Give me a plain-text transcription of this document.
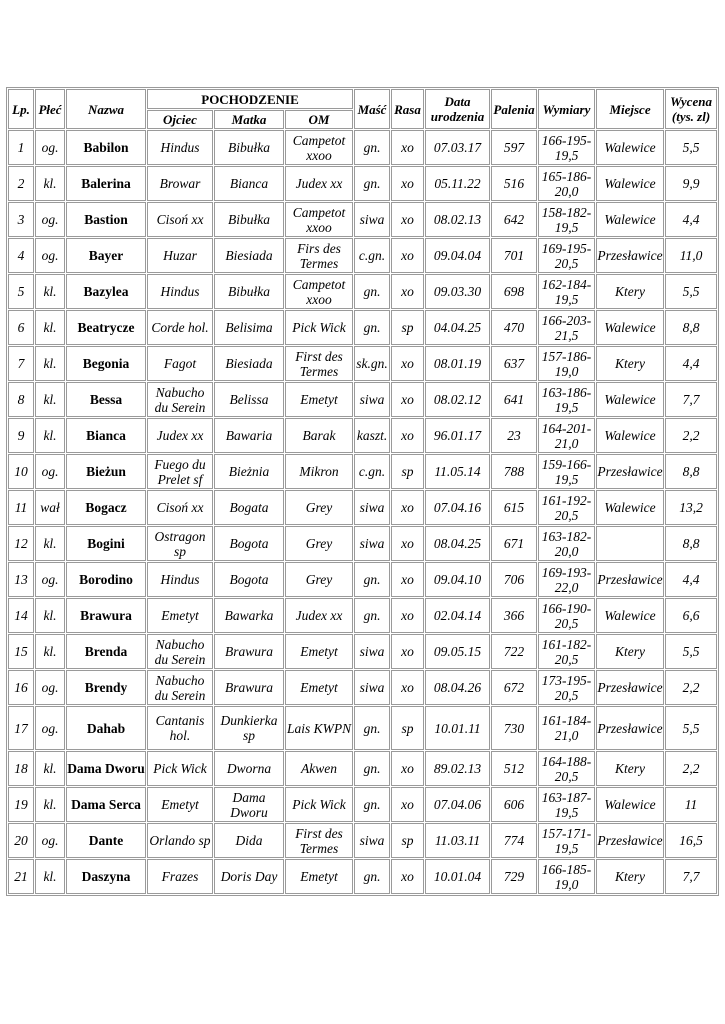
Lp.	Płeć	Nazwa	POCHODZENIE			Maść	Rasa	Data urodzenia	Palenia	Wymiary	Miejsce	Wycena (tys. zl)
			Ojciec	Matka	OM							
1	og.	Babilon	Hindus	Bibułka	Campetot xxoo	gn.	xo	07.03.17	597	166-195-19,5	Walewice	5,5
2	kl.	Balerina	Browar	Bianca	Judex xx	gn.	xo	05.11.22	516	165-186-20,0	Walewice	9,9
3	og.	Bastion	Cisoń xx	Bibułka	Campetot xxoo	siwa	xo	08.02.13	642	158-182-19,5	Walewice	4,4
4	og.	Bayer	Huzar	Biesiada	Firs des Termes	c.gn.	xo	09.04.04	701	169-195-20,5	Przesławice	11,0
5	kl.	Bazylea	Hindus	Bibułka	Campetot xxoo	gn.	xo	09.03.30	698	162-184-19,5	Ktery	5,5
6	kl.	Beatrycze	Corde hol.	Belisima	Pick Wick	gn.	sp	04.04.25	470	166-203-21,5	Walewice	8,8
7	kl.	Begonia	Fagot	Biesiada	First des Termes	sk.gn.	xo	08.01.19	637	157-186-19,0	Ktery	4,4
8	kl.	Bessa	Nabucho du Serein	Belissa	Emetyt	siwa	xo	08.02.12	641	163-186-19,5	Walewice	7,7
9	kl.	Bianca	Judex xx	Bawaria	Barak	kaszt.	xo	96.01.17	23	164-201-21,0	Walewice	2,2
10	og.	Bieżun	Fuego du Prelet sf	Bieżnia	Mikron	c.gn.	sp	11.05.14	788	159-166-19,5	Przesławice	8,8
11	wał	Bogacz	Cisoń xx	Bogata	Grey	siwa	xo	07.04.16	615	161-192-20,5	Walewice	13,2
12	kl.	Bogini	Ostragon sp	Bogota	Grey	siwa	xo	08.04.25	671	163-182-20,0		8,8
13	og.	Borodino	Hindus	Bogota	Grey	gn.	xo	09.04.10	706	169-193-22,0	Przesławice	4,4
14	kl.	Brawura	Emetyt	Bawarka	Judex xx	gn.	xo	02.04.14	366	166-190-20,5	Walewice	6,6
15	kl.	Brenda	Nabucho du Serein	Brawura	Emetyt	siwa	xo	09.05.15	722	161-182-20,5	Ktery	5,5
16	og.	Brendy	Nabucho du Serein	Brawura	Emetyt	siwa	xo	08.04.26	672	173-195-20,5	Przesławice	2,2
17	og.	Dahab	Cantanis hol.	Dunkierka sp	Lais KWPN	gn.	sp	10.01.11	730	161-184-21,0	Przesławice	5,5
18	kl.	Dama Dworu	Pick Wick	Dworna	Akwen	gn.	xo	89.02.13	512	164-188-20,5	Ktery	2,2
19	kl.	Dama Serca	Emetyt	Dama Dworu	Pick Wick	gn.	xo	07.04.06	606	163-187-19,5	Walewice	11
20	og.	Dante	Orlando sp	Dida	First des Termes	siwa	sp	11.03.11	774	157-171-19,5	Przesławice	16,5
21	kl.	Daszyna	Frazes	Doris Day	Emetyt	gn.	xo	10.01.04	729	166-185-19,0	Ktery	7,7
